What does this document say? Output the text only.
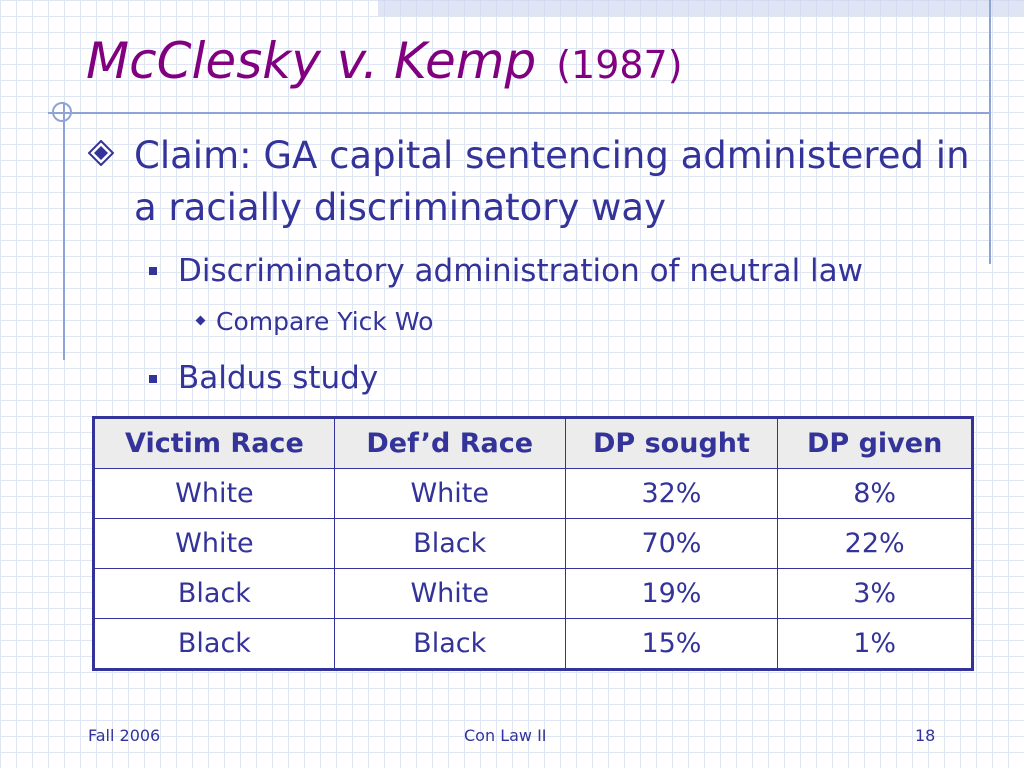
McClesky v. Kemp (1987)
Claim: GA capital sentencing administered in a racially discriminatory way
Discriminatory administration of neutral law
Compare Yick Wo
Baldus study
Victim Race	Def’d Race	DP sought	DP given
White	White	32%	8%
White	Black	70%	22%
Black	White	19%	3%
Black	Black	15%	1%
Fall 2006	Con Law II	18
